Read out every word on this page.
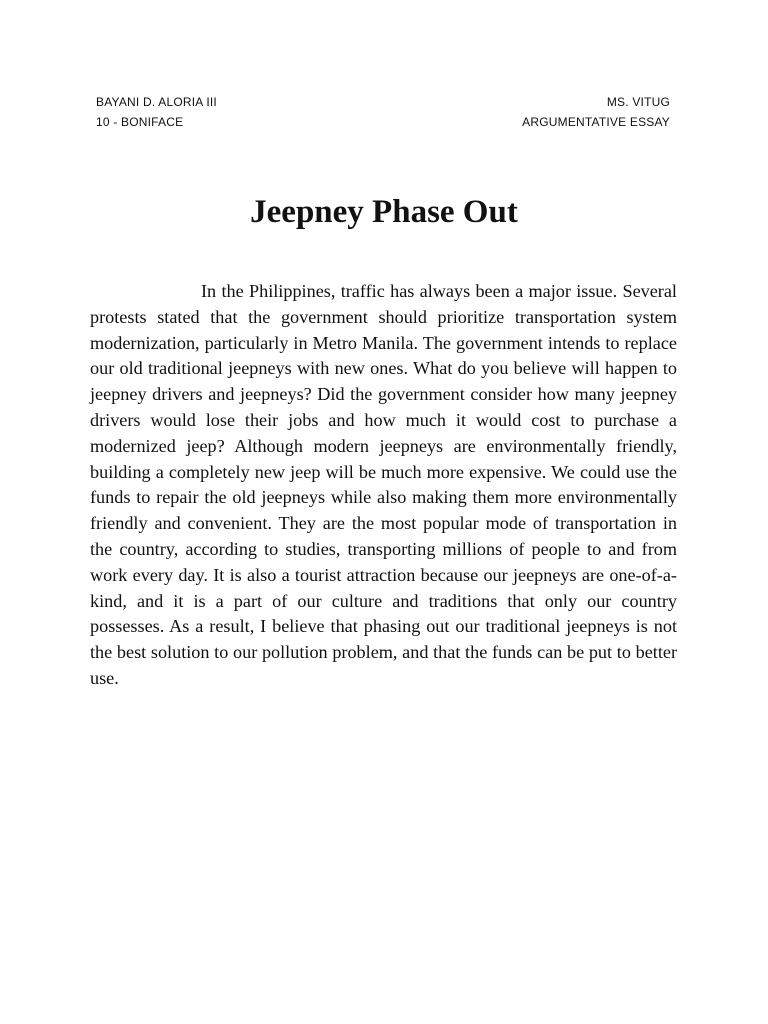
BAYANI D. ALORIA III
10 - BONIFACE
MS. VITUG
ARGUMENTATIVE ESSAY
Jeepney Phase Out

In the Philippines, traffic has always been a major issue. Several protests stated that the government should prioritize transportation system modernization, particularly in Metro Manila. The government intends to replace our old traditional jeepneys with new ones. What do you believe will happen to jeepney drivers and jeepneys? Did the government consider how many jeepney drivers would lose their jobs and how much it would cost to purchase a modernized jeep? Although modern jeepneys are environmentally friendly, building a completely new jeep will be much more expensive. We could use the funds to repair the old jeepneys while also making them more environmentally friendly and convenient. They are the most popular mode of transportation in the country, according to studies, transporting millions of people to and from work every day. It is also a tourist attraction because our jeepneys are one-of-a-kind, and it is a part of our culture and traditions that only our country possesses. As a result, I believe that phasing out our traditional jeepneys is not the best solution to our pollution problem, and that the funds can be put to better use.
